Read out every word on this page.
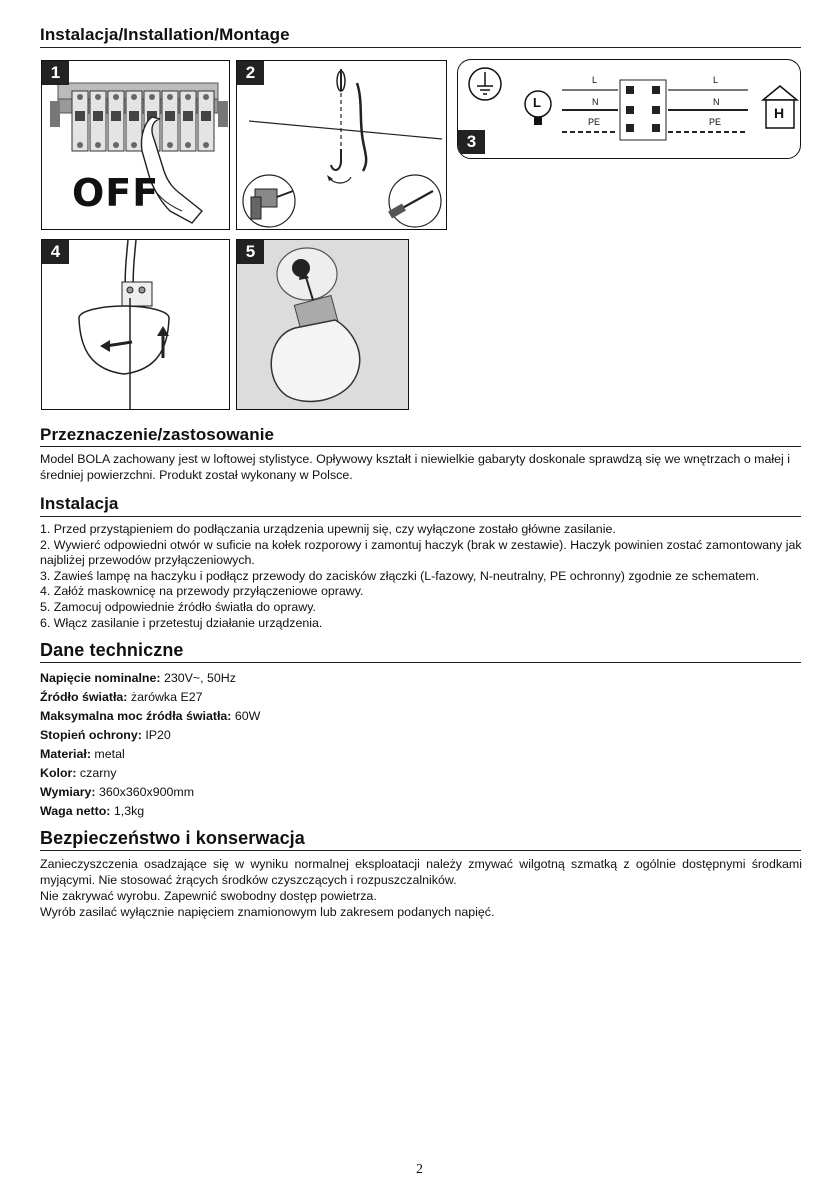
Instalacja/Installation/Montage
OFF
1	2	L
N
PE
L
N
PE
L
H
3
4	5
Przeznaczenie/zastosowanie
Model BOLA zachowany jest w loftowej stylistyce. Opływowy kształt i niewielkie gabaryty doskonale sprawdzą się we wnętrzach o małej i średniej powierzchni. Produkt został wykonany w Polsce.
Instalacja
1. Przed przystąpieniem do podłączania urządzenia upewnij się, czy wyłączone zostało główne zasilanie.
2. Wywierć odpowiedni otwór w suficie na kołek rozporowy i zamontuj haczyk (brak w zestawie). Haczyk powinien zostać zamontowany jak najbliżej przewodów przyłączeniowych.
3. Zawieś lampę na haczyku i podłącz przewody do zacisków złączki (L-fazowy, N-neutralny, PE ochronny) zgodnie ze schematem.
4. Załóż maskownicę na przewody przyłączeniowe oprawy.
5. Zamocuj odpowiednie źródło światła do oprawy.
6. Włącz zasilanie i przetestuj działanie urządzenia.
Dane techniczne
Napięcie nominalne: 230V~, 50Hz
Źródło światła: żarówka E27
Maksymalna moc źródła światła: 60W
Stopień ochrony: IP20
Materiał: metal
Kolor: czarny
Wymiary: 360x360x900mm
Waga netto: 1,3kg
Bezpieczeństwo i konserwacja
Zanieczyszczenia osadzające się w wyniku normalnej eksploatacji należy zmywać wilgotną szmatką z ogólnie dostępnymi środkami myjącymi. Nie stosować żrących środków czyszczących i rozpuszczalników.
Nie zakrywać wyrobu. Zapewnić swobodny dostęp powietrza.
Wyrób zasilać wyłącznie napięciem znamionowym lub zakresem podanych napięć.
2
